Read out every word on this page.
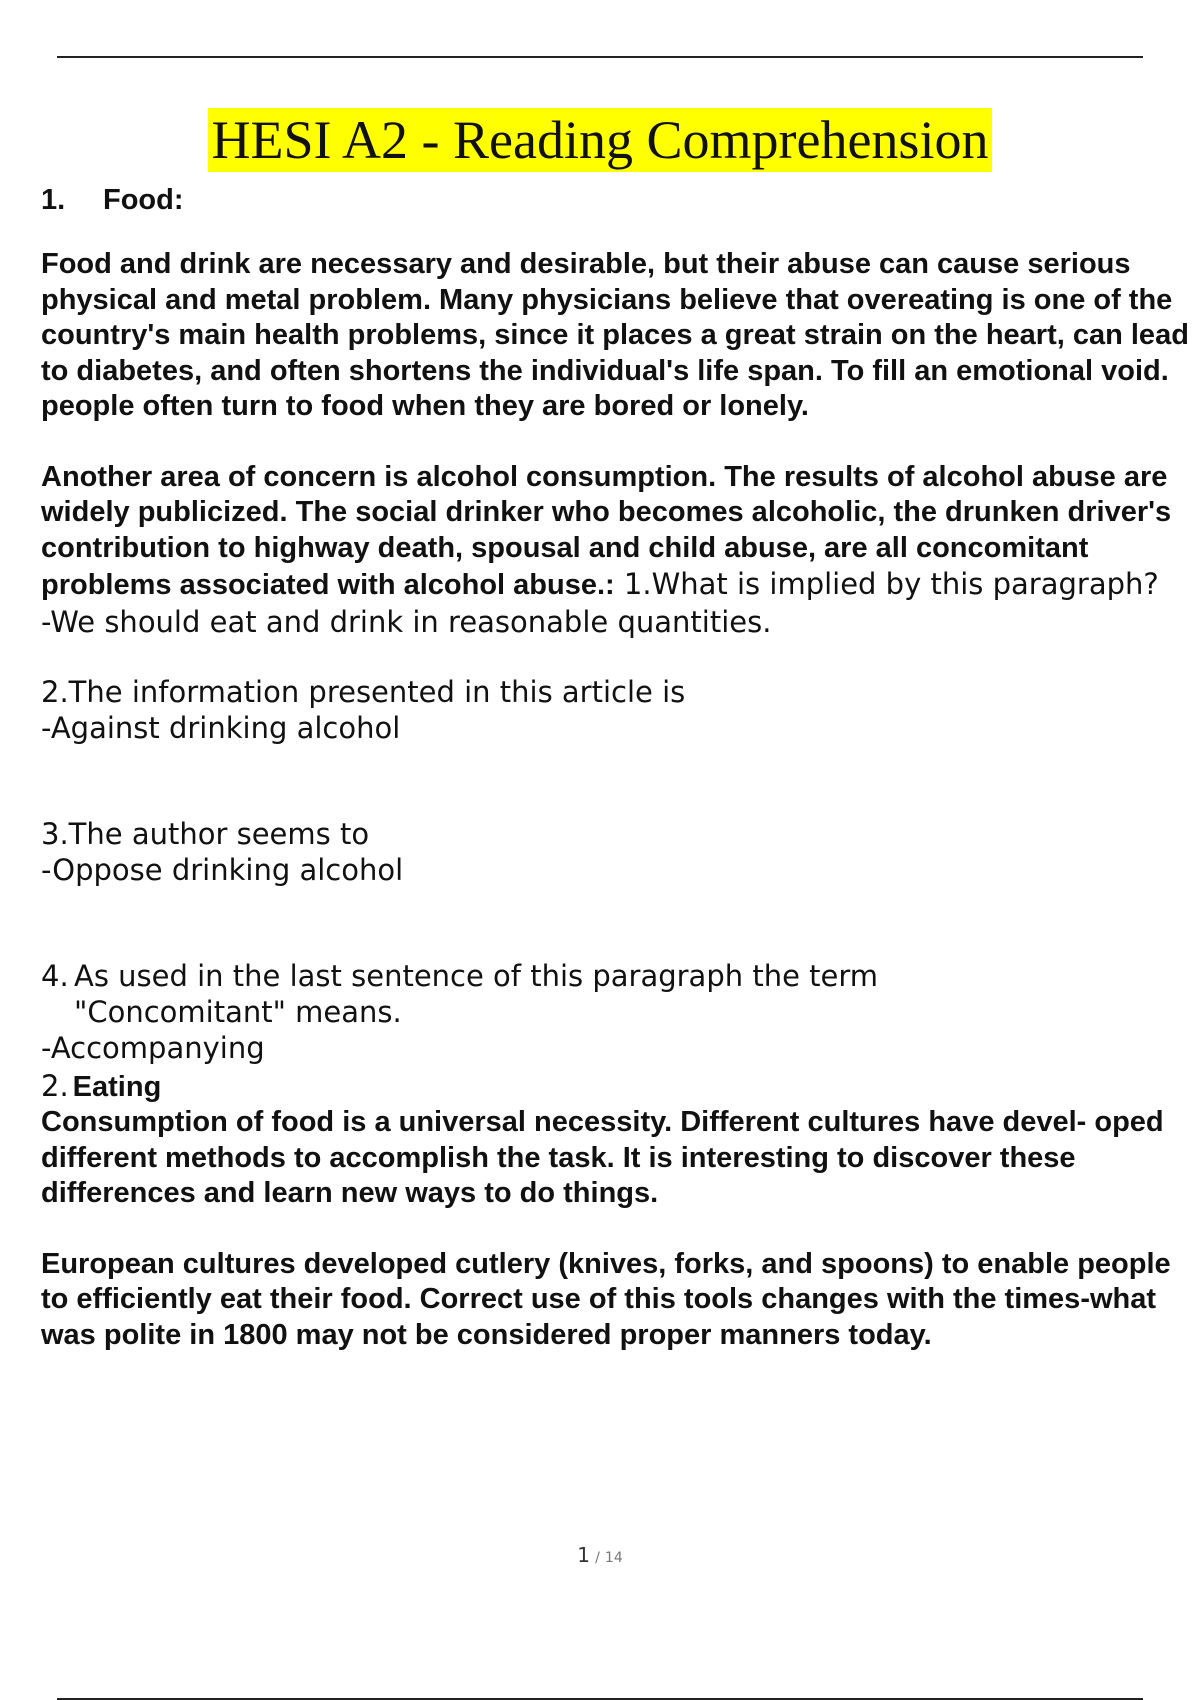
HESI A2 - Reading Comprehension
1. Food:

Food and drink are necessary and desirable, but their abuse can cause serious physical and metal problem. Many physicians believe that overeating is one of the country's main health problems, since it places a great strain on the heart, can lead to diabetes, and often shortens the individual's life span. To fill an emotional void. people often turn to food when they are bored or lonely.

Another area of concern is alcohol consumption. The results of alcohol abuse are widely publicized. The social drinker who becomes alcoholic, the drunken driver's contribution to highway death, spousal and child abuse, are all concomitant problems associated with alcohol abuse.: 1.What is implied by this paragraph?

-We should eat and drink in reasonable quantities.

2.The information presented in this article is

-Against drinking alcohol

3.The author seems to

-Oppose drinking alcohol

4. As used in the last sentence of this paragraph the term
"Concomitant" means.

-Accompanying

2. Eating

Consumption of food is a universal necessity. Different cultures have devel- oped different methods to accomplish the task. It is interesting to discover these differences and learn new ways to do things.

European cultures developed cutlery (knives, forks, and spoons) to enable people to efficiently eat their food. Correct use of this tools changes with the times-what was polite in 1800 may not be considered proper manners today.

1 / 14
